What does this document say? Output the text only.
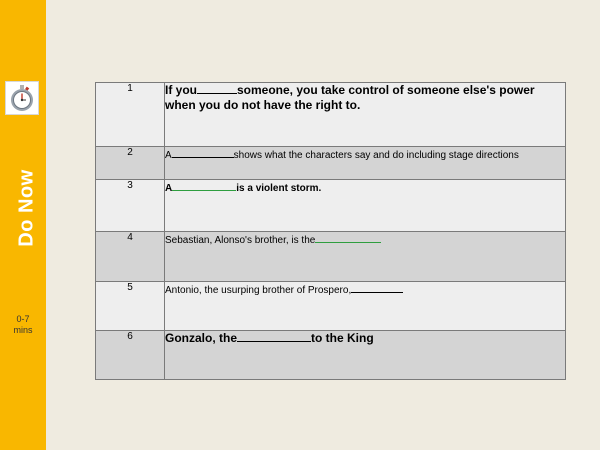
Do Now
0-7
mins
1	If you someone, you take control of someone else's power when you do not have the right to.
2	A shows what the characters say and do including stage directions
3	A is a violent storm.
4	Sebastian, Alonso's brother, is the
5	Antonio, the usurping brother of Prospero,
6	Gonzalo, the to the King
